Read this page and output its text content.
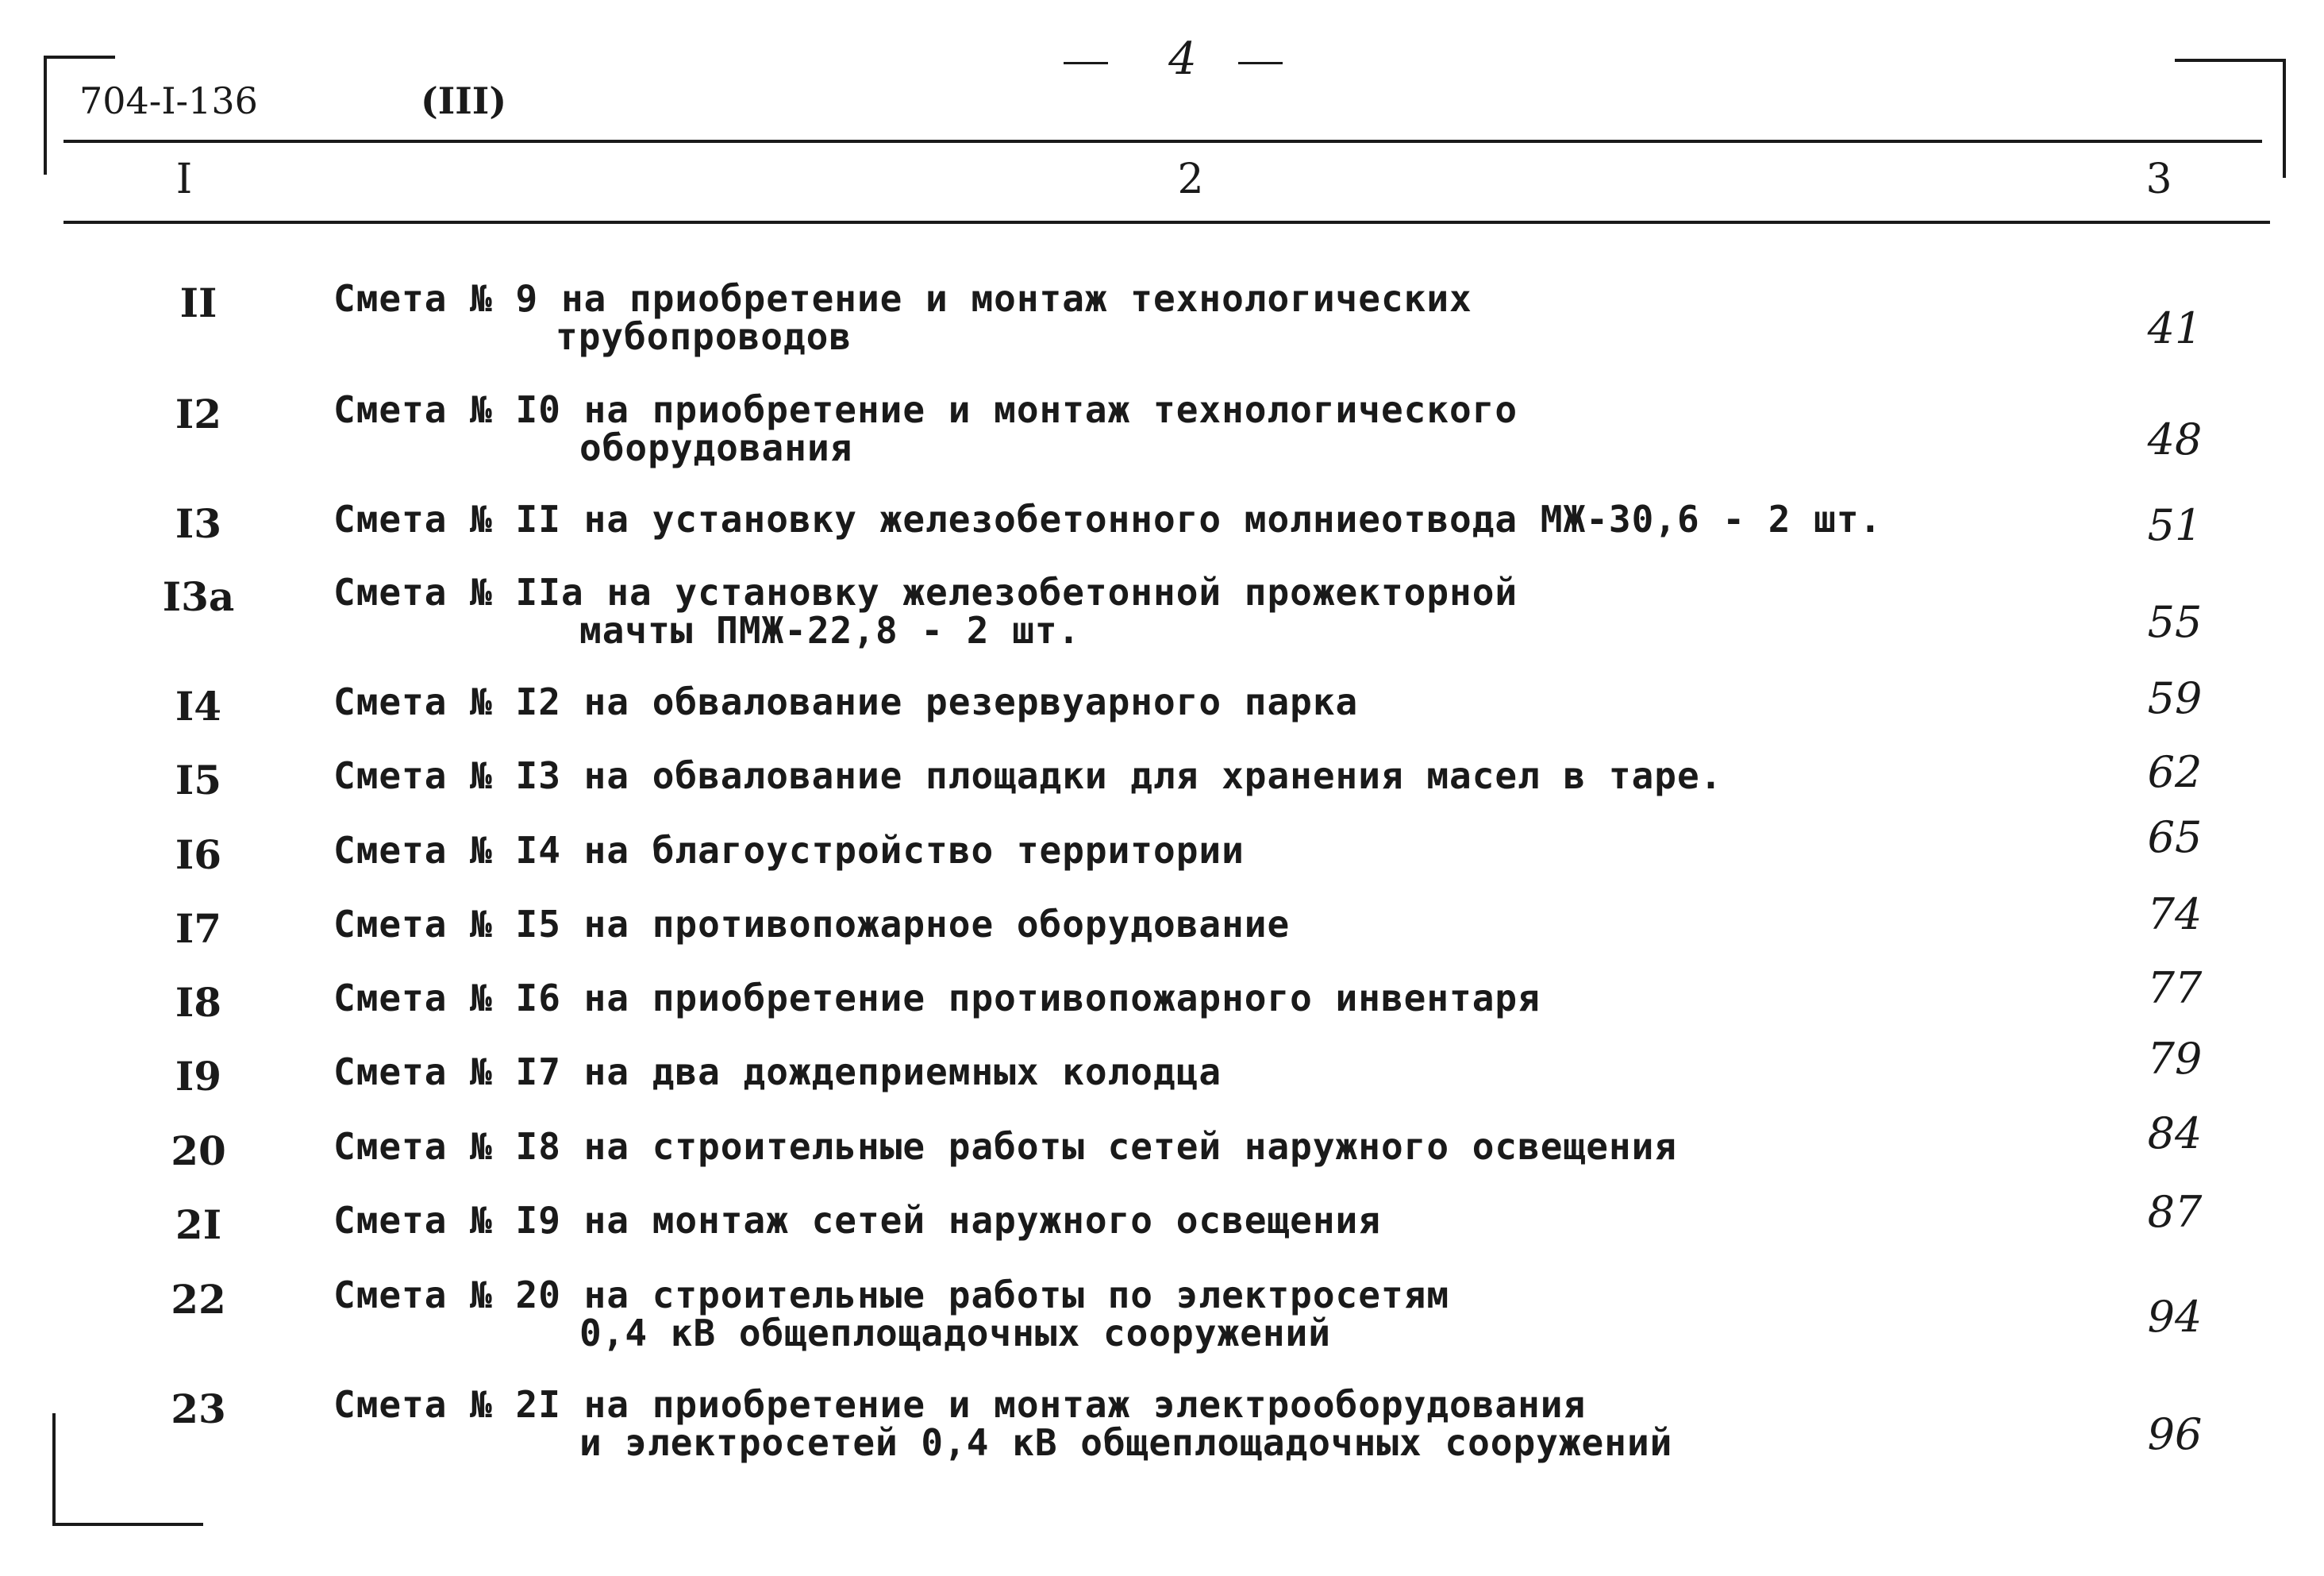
4
704-I-136	(III)
I	2	3
II	Смета № 9 на приобретение и монтаж технологических
трубопроводов	41
I2	Смета № I0 на приобретение и монтаж технологического
оборудования	48
I3	Смета № II на установку железобетонного молниеотвода МЖ-30,6 - 2 шт.	51
I3a	Смета № IIa на установку железобетонной прожекторной
мачты ПМЖ-22,8 - 2 шт.	55
I4	Смета № I2 на обвалование резервуарного парка	59
I5	Смета № I3 на обвалование площадки для хранения масел в таре.	62
I6	Смета № I4 на благоустройство территории	65
I7	Смета № I5 на противопожарное оборудование	74
I8	Смета № I6 на приобретение противопожарного инвентаря	77
I9	Смета № I7 на два дождеприемных колодца	79
20	Смета № I8 на строительные работы сетей наружного освещения	84
2I	Смета № I9 на монтаж сетей наружного освещения	87
22	Смета № 20 на строительные работы по электросетям
0,4 кВ общеплощадочных сооружений	94
23	Смета № 2I на приобретение и монтаж электрооборудования
и электросетей 0,4 кВ общеплощадочных сооружений	96
